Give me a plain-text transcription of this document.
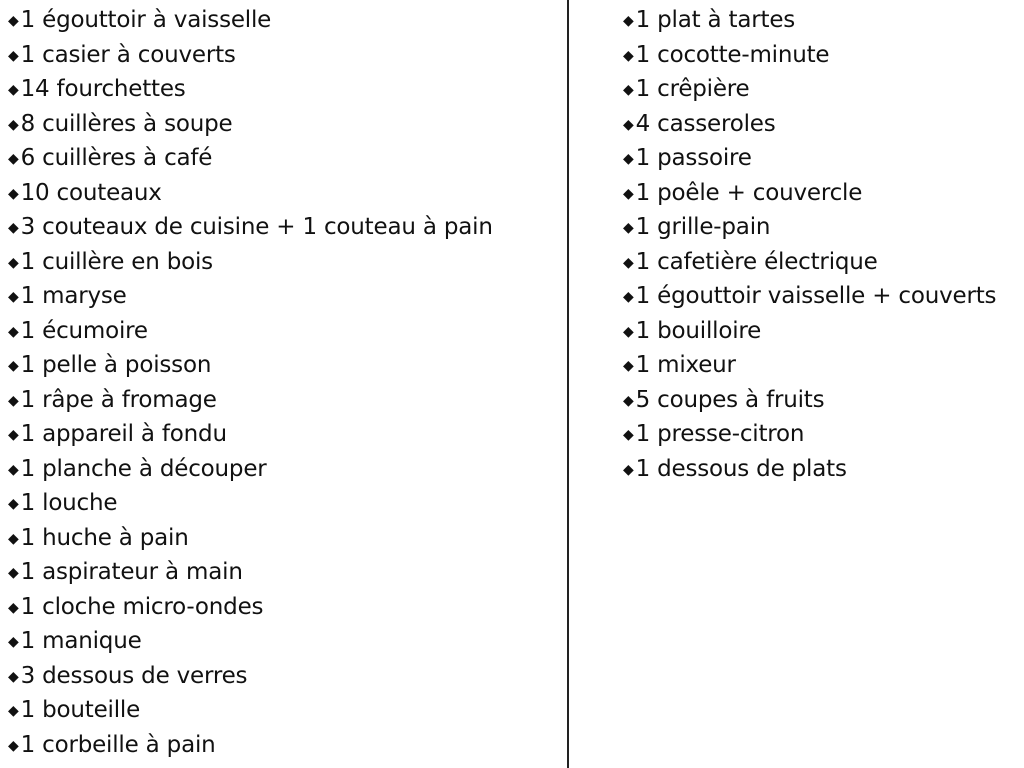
◆1 égouttoir à vaisselle
◆1 casier à couverts
◆14 fourchettes
◆8 cuillères à soupe
◆6 cuillères à café
◆10 couteaux
◆3 couteaux de cuisine + 1 couteau à pain
◆1 cuillère en bois
◆1 maryse
◆1 écumoire
◆1 pelle à poisson
◆1 râpe à fromage
◆1 appareil à fondu
◆1 planche à découper
◆1 louche
◆1 huche à pain
◆1 aspirateur à main
◆1 cloche micro-ondes
◆1 manique
◆3 dessous de verres
◆1 bouteille
◆1 corbeille à pain
◆1 plat à tartes
◆1 cocotte-minute
◆1 crêpière
◆4 casseroles
◆1 passoire
◆1 poêle + couvercle
◆1 grille-pain
◆1 cafetière électrique
◆1 égouttoir vaisselle + couverts
◆1 bouilloire
◆1 mixeur
◆5 coupes à fruits
◆1 presse-citron
◆1 dessous de plats
